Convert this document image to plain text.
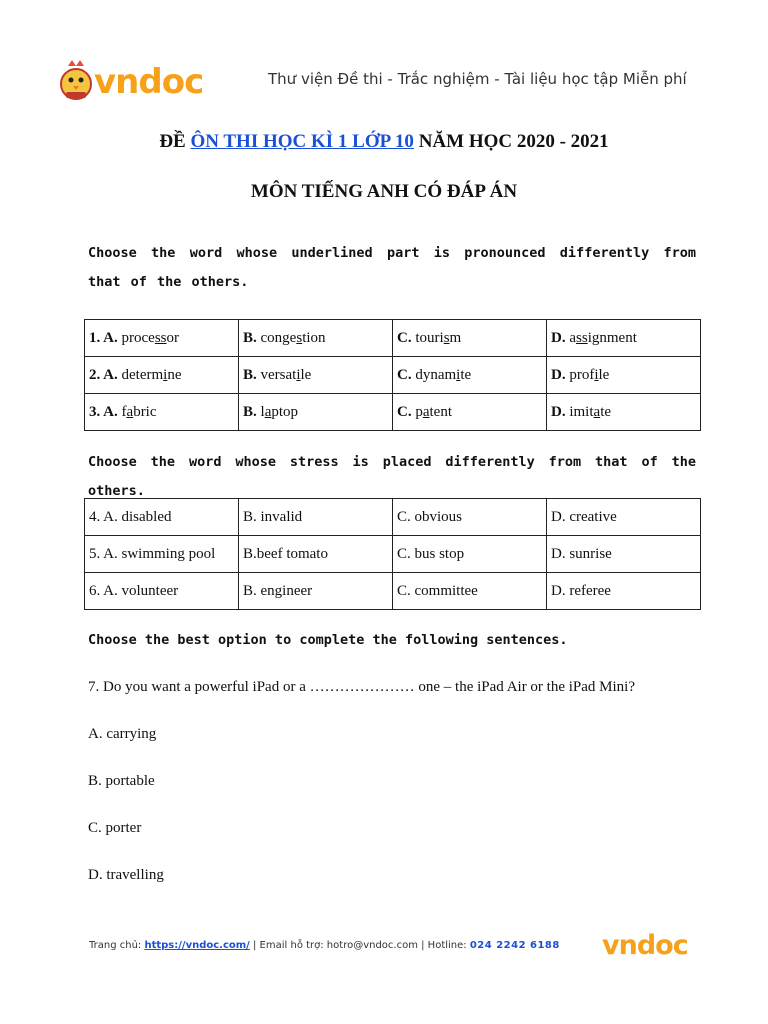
vndoc	Thư viện Đề thi - Trắc nghiệm - Tài liệu học tập Miễn phí
ĐỀ ÔN THI HỌC KÌ 1 LỚP 10 NĂM HỌC 2020 - 2021
MÔN TIẾNG ANH CÓ ĐÁP ÁN
Choose the word whose underlined part is pronounced differently from that of the others.
1. A. processor	B. congestion	C. tourism	D. assignment
2. A. determine	B. versatile	C. dynamite	D. profile
3. A. fabric	B. laptop	C. patent	D. imitate
Choose the word whose stress is placed differently from that of the others.
4. A. disabled	B. invalid	C. obvious	D. creative
5. A. swimming pool	B.beef tomato	C. bus stop	D. sunrise
6. A. volunteer	B. engineer	C. committee	D. referee
Choose the best option to complete the following sentences.
7. Do you want a powerful iPad or a ………………… one – the iPad Air or the iPad Mini?
A. carrying
B. portable
C. porter
D. travelling
Trang chủ: https://vndoc.com/ | Email hỗ trợ: hotro@vndoc.com | Hotline: 024 2242 6188 vndoc
